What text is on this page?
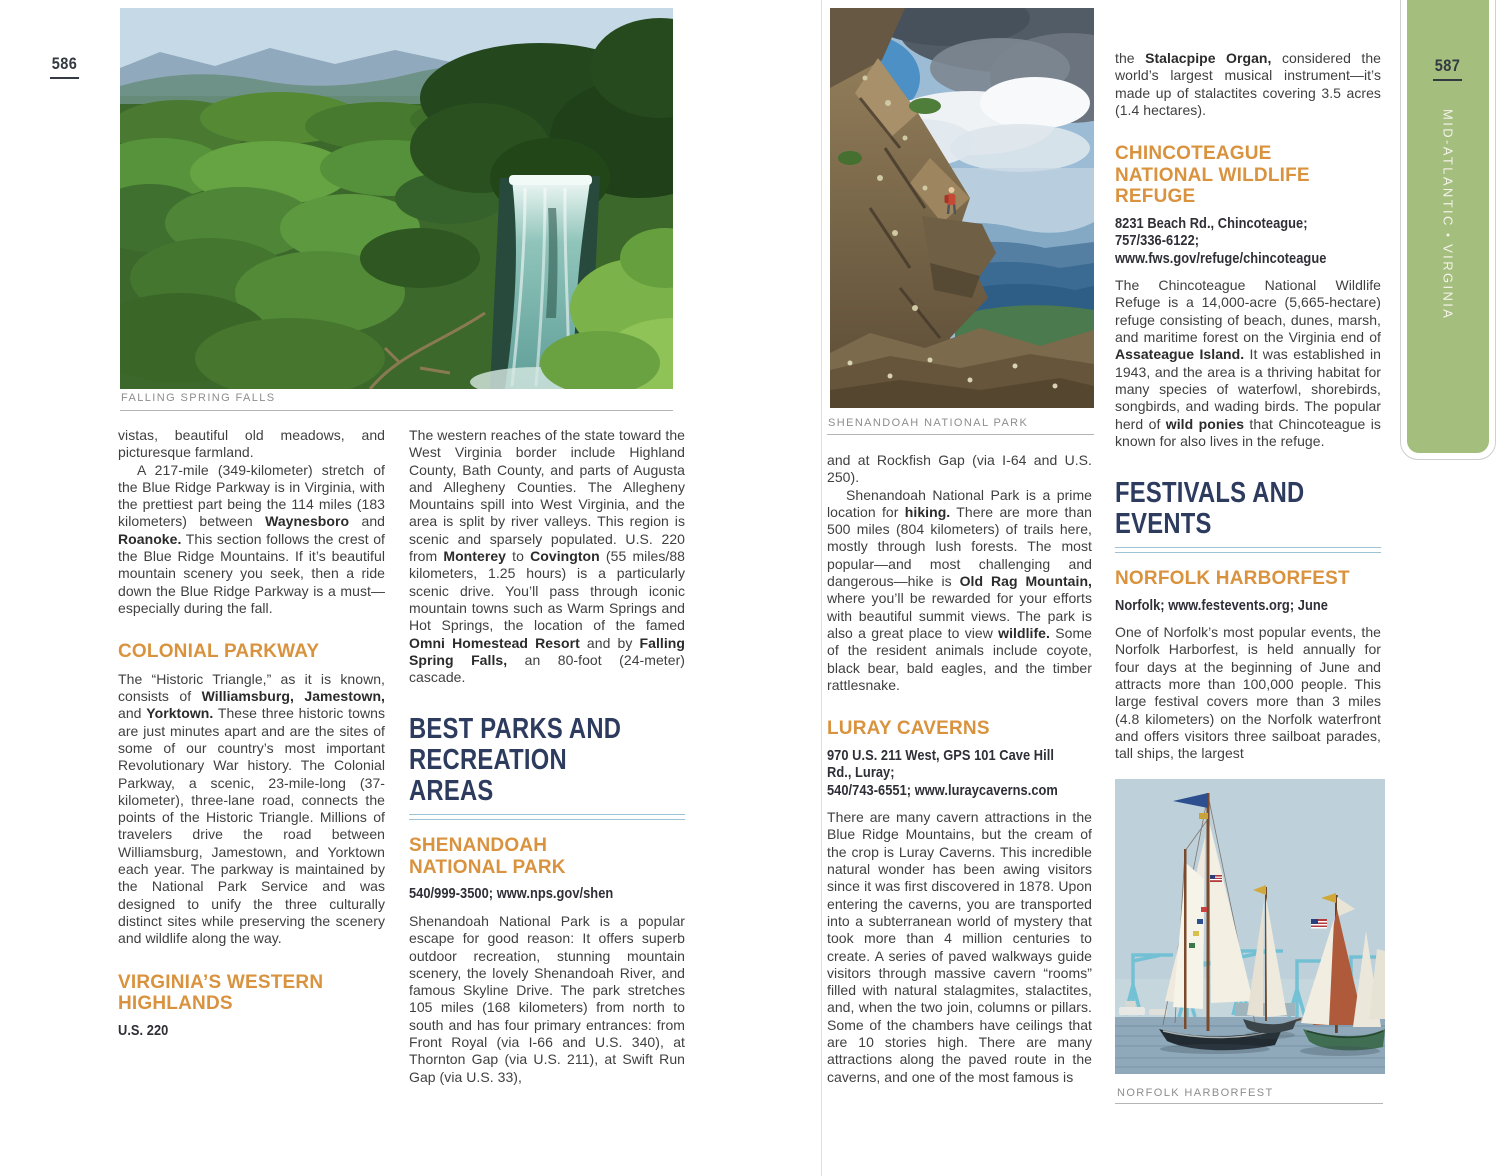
586
FALLING SPRING FALLS

vistas, beautiful old meadows, and picturesque farmland.

A 217-mile (349-kilometer) stretch of the Blue Ridge Parkway is in Virginia, with the prettiest part being the 114 miles (183 kilometers) between Waynesboro and Roanoke. This section follows the crest of the Blue Ridge Mountains. If it’s beautiful mountain scenery you seek, then a ride down the Blue Ridge Parkway is a must—especially during the fall.

COLONIAL PARKWAY

The “Historic Triangle,” as it is known, consists of Williamsburg, Jamestown, and Yorktown. These three historic towns are just minutes apart and are the sites of some of our country’s most important Revolutionary War history. The Colonial Parkway, a scenic, 23-mile-long (37-kilometer), three-lane road, connects the points of the Historic Triangle. Millions of travelers drive the road between Williamsburg, Jamestown, and Yorktown each year. The parkway is maintained by the National Park Service and was designed to unify the three culturally distinct sites while preserving the scenery and wildlife along the way.

VIRGINIA’S WESTERN
HIGHLANDS
U.S. 220

The western reaches of the state toward the West Virginia border include Highland County, Bath County, and parts of Augusta and Allegheny Counties. The Allegheny Mountains spill into West Virginia, and the area is split by river valleys. This region is scenic and sparsely populated. U.S. 220 from Monterey to Covington (55 miles/88 kilometers, 1.25 hours) is a particularly scenic drive. You’ll pass through iconic mountain towns such as Warm Springs and Hot Springs, the location of the famed Omni Homestead Resort and by Falling Spring Falls, an 80-foot (24-meter) cascade.

BEST PARKS AND
RECREATION AREAS
SHENANDOAH
NATIONAL PARK
540/999-3500; www.nps.gov/shen

Shenandoah National Park is a popular escape for good reason: It offers superb outdoor recreation, stunning mountain scenery, the lovely Shenandoah River, and famous Skyline Drive. The park stretches 105 miles (168 kilometers) from north to south and has four primary entrances: from Front Royal (via I-66 and U.S. 340), at Thornton Gap (via U.S. 211), at Swift Run Gap (via U.S. 33),

SHENANDOAH NATIONAL PARK

and at Rockfish Gap (via I-64 and U.S. 250).

Shenandoah National Park is a prime location for hiking. There are more than 500 miles (804 kilometers) of trails here, mostly through lush forests. The most popular—and most challenging and dangerous—hike is Old Rag Mountain, where you’ll be rewarded for your efforts with beautiful summit views. The park is also a great place to view wildlife. Some of the resident animals include coyote, black bear, bald eagles, and the timber rattlesnake.

LURAY CAVERNS
970 U.S. 211 West, GPS 101 Cave Hill Rd., Luray;
540/743-6551; www.luraycaverns.com

There are many cavern attractions in the Blue Ridge Mountains, but the cream of the crop is Luray Caverns. This incredible natural wonder has been awing visitors since it was first discovered in 1878. Upon entering the caverns, you are transported into a subterranean world of mystery that took more than 4 million centuries to create. A series of paved walkways guide visitors through massive cavern “rooms” filled with natural stalagmites, stalactites, and, when the two join, columns or pillars. Some of the chambers have ceilings that are 10 stories high. There are many attractions along the paved route in the caverns, and one of the most famous is

the Stalacpipe Organ, considered the world’s largest musical instrument—it’s made up of stalactites covering 3.5 acres (1.4 hectares).

CHINCOTEAGUE
NATIONAL WILDLIFE
REFUGE
8231 Beach Rd., Chincoteague; 757/336-6122;
www.fws.gov/refuge/chincoteague

The Chincoteague National Wildlife Refuge is a 14,000-acre (5,665-hectare) refuge consisting of beach, dunes, marsh, and maritime forest on the Virginia end of Assateague Island. It was established in 1943, and the area is a thriving habitat for many species of waterfowl, shorebirds, songbirds, and wading birds. The popular herd of wild ponies that Chincoteague is known for also lives in the refuge.

FESTIVALS AND EVENTS
NORFOLK HARBORFEST
Norfolk; www.festevents.org; June

One of Norfolk’s most popular events, the Norfolk Harborfest, is held annually for four days at the beginning of June and attracts more than 100,000 people. This large festival covers more than 3 miles (4.8 kilometers) on the Norfolk waterfront and offers visitors three sailboat parades, tall ships, the largest

NORFOLK HARBORFEST
587
MID-ATLANTIC•VIRGINIA
